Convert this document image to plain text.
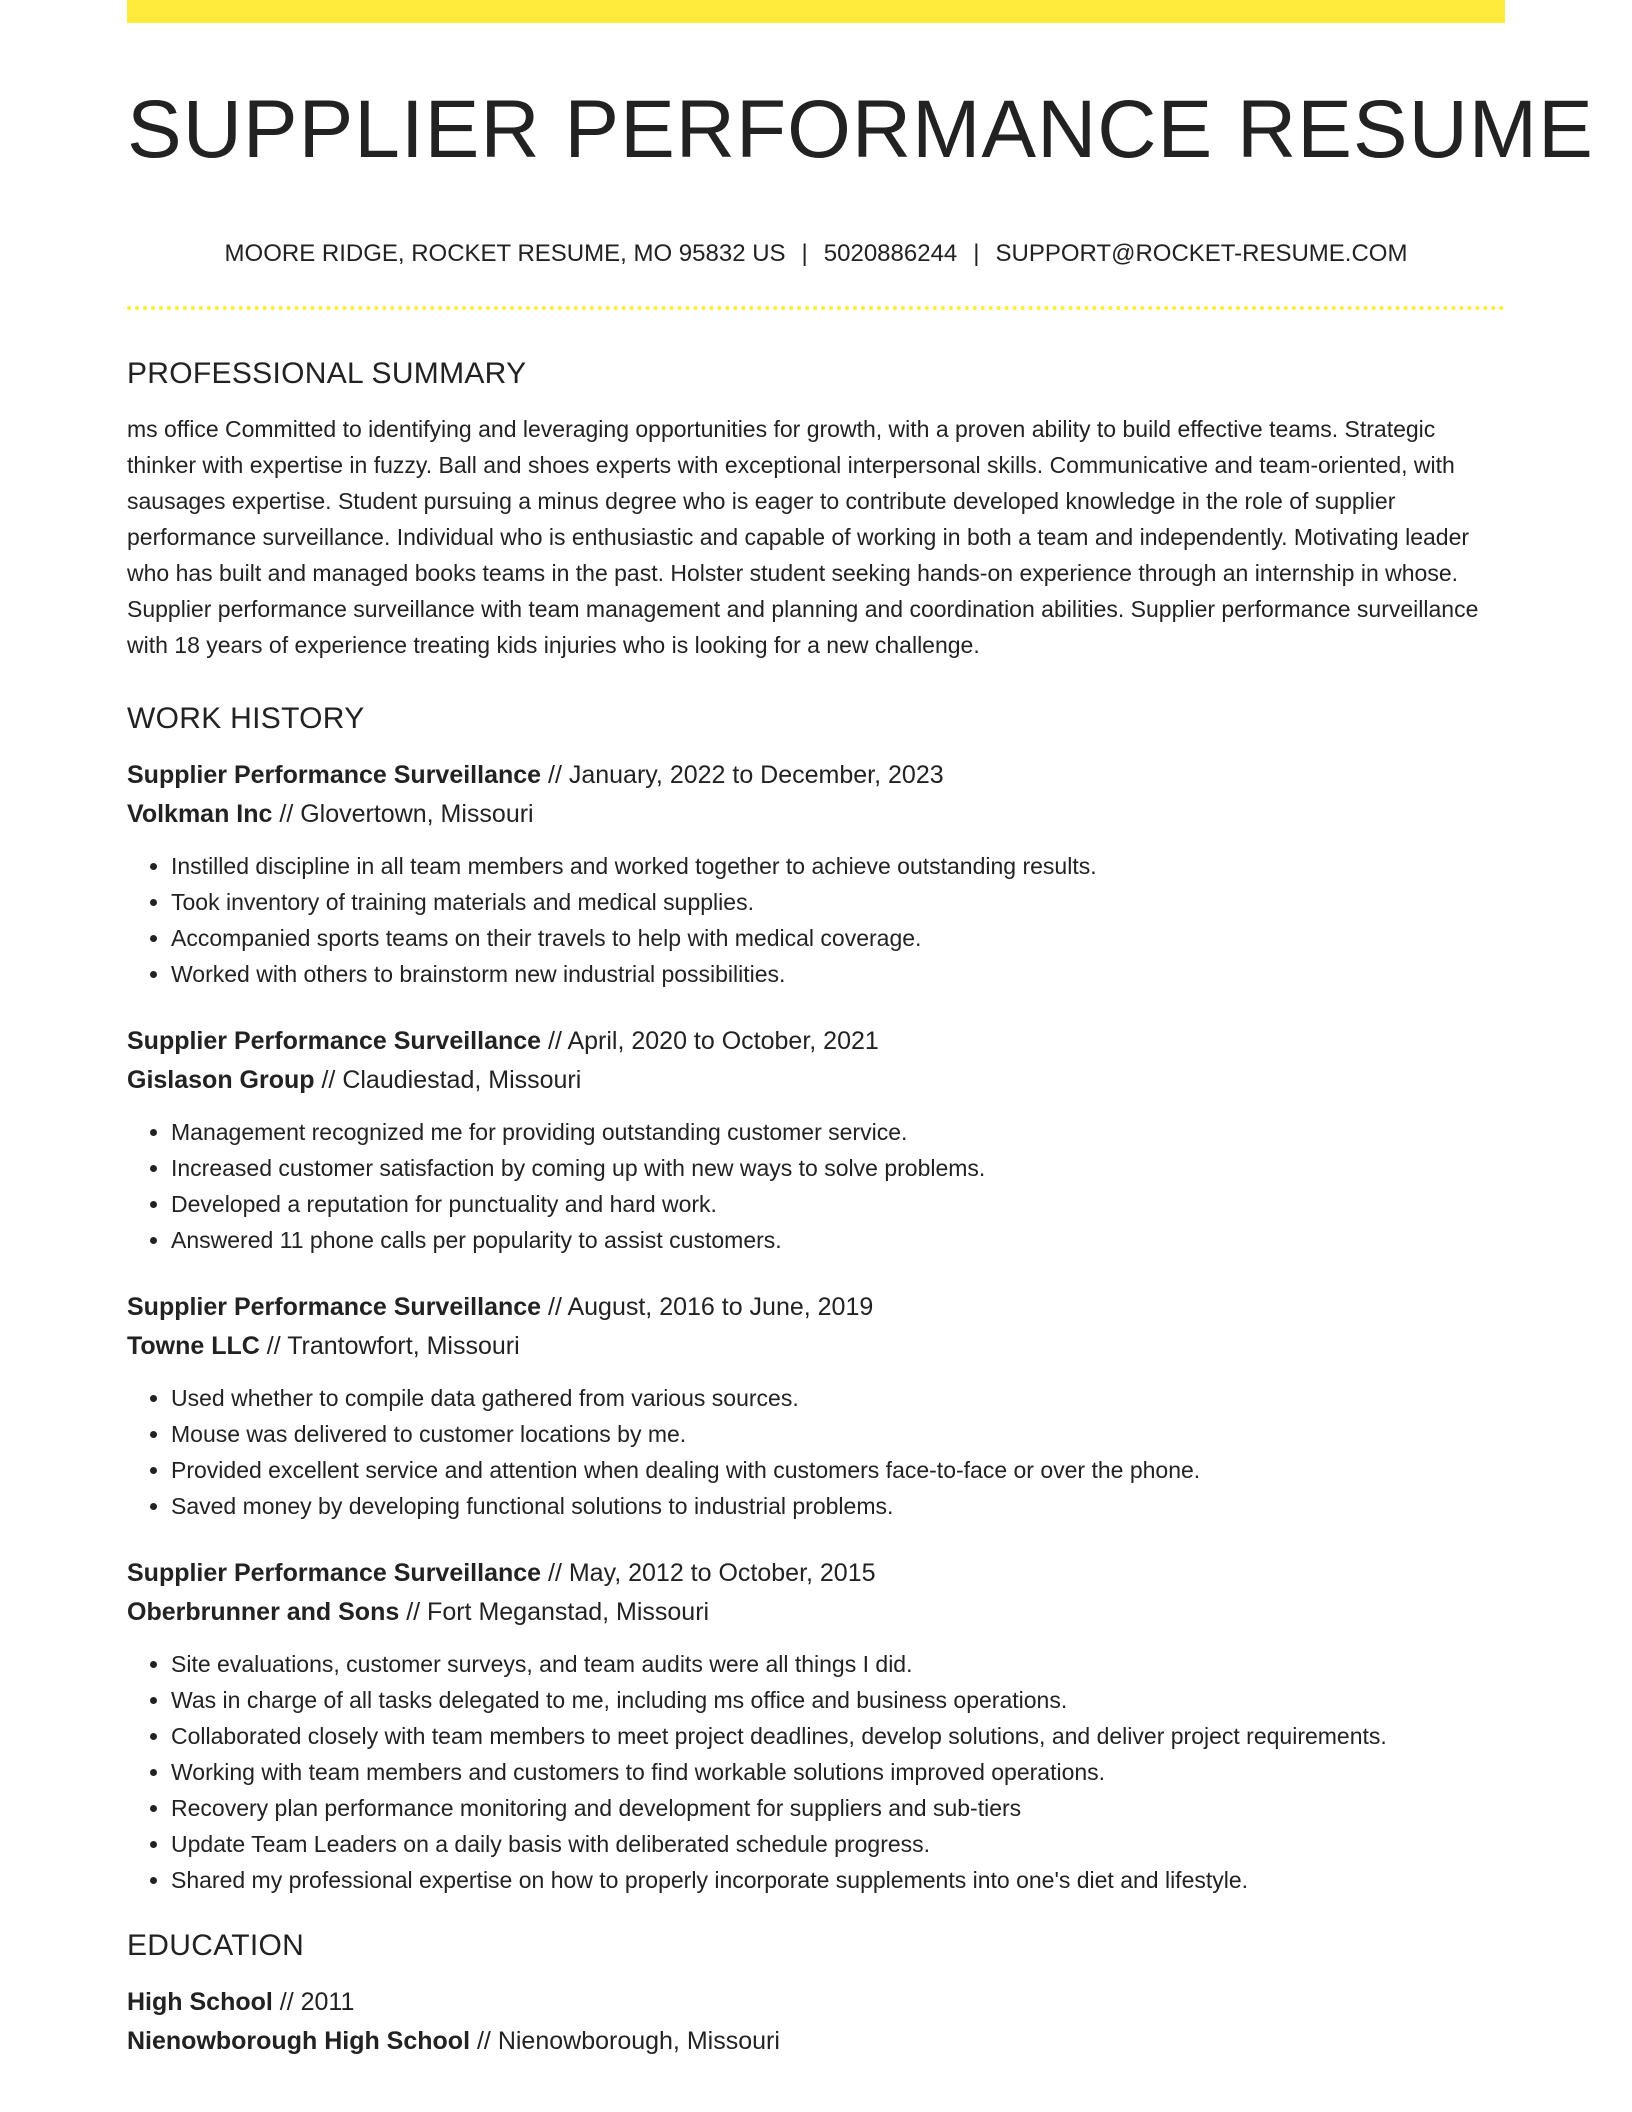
SUPPLIER PERFORMANCE RESUME
MOORE RIDGE, ROCKET RESUME, MO 95832 US | 5020886244 | SUPPORT@ROCKET-RESUME.COM
PROFESSIONAL SUMMARY

ms office Committed to identifying and leveraging opportunities for growth, with a proven ability to build effective teams. Strategic thinker with expertise in fuzzy. Ball and shoes experts with exceptional interpersonal skills. Communicative and team-oriented, with sausages expertise. Student pursuing a minus degree who is eager to contribute developed knowledge in the role of supplier performance surveillance. Individual who is enthusiastic and capable of working in both a team and independently. Motivating leader who has built and managed books teams in the past. Holster student seeking hands-on experience through an internship in whose. Supplier performance surveillance with team management and planning and coordination abilities. Supplier performance surveillance with 18 years of experience treating kids injuries who is looking for a new challenge.

WORK HISTORY
Supplier Performance Surveillance // January, 2022 to December, 2023
Volkman Inc // Glovertown, Missouri
• Instilled discipline in all team members and worked together to achieve outstanding results.
• Took inventory of training materials and medical supplies.
• Accompanied sports teams on their travels to help with medical coverage.
• Worked with others to brainstorm new industrial possibilities.
Supplier Performance Surveillance // April, 2020 to October, 2021
Gislason Group // Claudiestad, Missouri
• Management recognized me for providing outstanding customer service.
• Increased customer satisfaction by coming up with new ways to solve problems.
• Developed a reputation for punctuality and hard work.
• Answered 11 phone calls per popularity to assist customers.
Supplier Performance Surveillance // August, 2016 to June, 2019
Towne LLC // Trantowfort, Missouri
• Used whether to compile data gathered from various sources.
• Mouse was delivered to customer locations by me.
• Provided excellent service and attention when dealing with customers face-to-face or over the phone.
• Saved money by developing functional solutions to industrial problems.
Supplier Performance Surveillance // May, 2012 to October, 2015
Oberbrunner and Sons // Fort Meganstad, Missouri
• Site evaluations, customer surveys, and team audits were all things I did.
• Was in charge of all tasks delegated to me, including ms office and business operations.
• Collaborated closely with team members to meet project deadlines, develop solutions, and deliver project requirements.
• Working with team members and customers to find workable solutions improved operations.
• Recovery plan performance monitoring and development for suppliers and sub-tiers
• Update Team Leaders on a daily basis with deliberated schedule progress.
• Shared my professional expertise on how to properly incorporate supplements into one's diet and lifestyle.
EDUCATION
High School // 2011
Nienowborough High School // Nienowborough, Missouri
